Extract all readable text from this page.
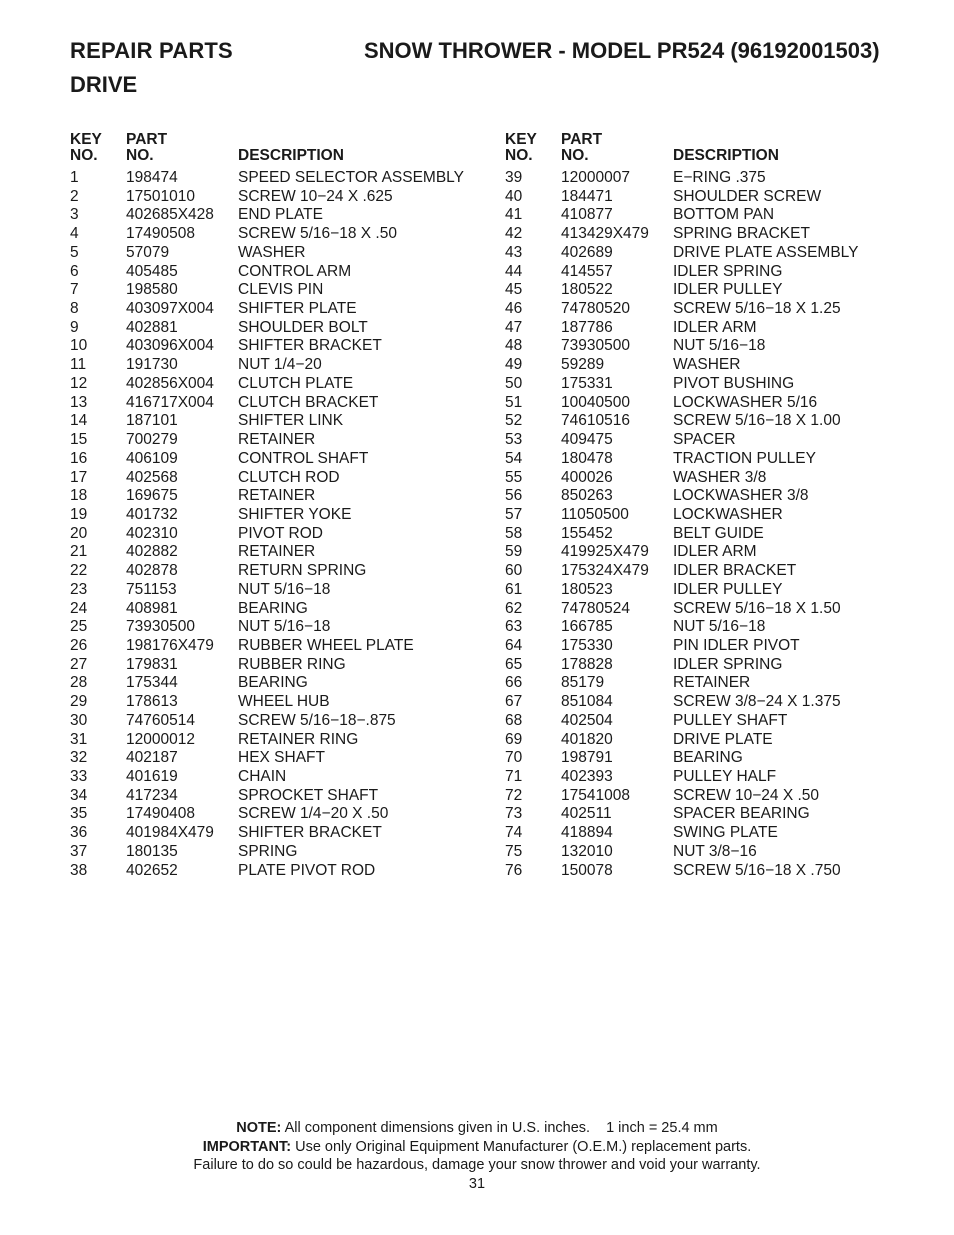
REPAIR PARTS	SNOW THROWER - MODEL PR524 (96192001503)
DRIVE
KEY
NO.
PART
NO.	DESCRIPTION
1	198474	SPEED SELECTOR ASSEMBLY
2	17501010	SCREW 10−24 X .625
3	402685X428 END PLATE
4	17490508	SCREW 5/16−18 X .50
5	57079	WASHER
6	405485	CONTROL ARM
7	198580	CLEVIS PIN
8	403097X004 SHIFTER PLATE
9	402881	SHOULDER BOLT
10	403096X004 SHIFTER BRACKET
11	191730	NUT 1/4−20
12	402856X004 CLUTCH PLATE
13	416717X004 CLUTCH BRACKET
14	187101	SHIFTER LINK
15	700279	RETAINER
16	406109	CONTROL SHAFT
17	402568	CLUTCH ROD
18	169675	RETAINER
19	401732	SHIFTER YOKE
20	402310	PIVOT ROD
21	402882	RETAINER
22	402878	RETURN SPRING
23	751153	NUT 5/16−18
24	408981	BEARING
25	73930500	NUT 5/16−18
26	198176X479 RUBBER WHEEL PLATE
27	179831	RUBBER RING
28	175344	BEARING
29	178613	WHEEL HUB
30	74760514	SCREW 5/16−18−.875
31	12000012	RETAINER RING
32	402187	HEX SHAFT
33	401619	CHAIN
34	417234	SPROCKET SHAFT
35	17490408	SCREW 1/4−20 X .50
36	401984X479 SHIFTER BRACKET
37	180135	SPRING
38	402652	PLATE PIVOT ROD
KEY
NO.
PART
NO.	DESCRIPTION
39	12000007	E−RING .375
40	184471	SHOULDER SCREW
41	410877	BOTTOM PAN
42	413429X479 SPRING BRACKET
43	402689	DRIVE PLATE ASSEMBLY
44	414557	IDLER SPRING
45	180522	IDLER PULLEY
46	74780520	SCREW 5/16−18 X 1.25
47	187786	IDLER ARM
48	73930500	NUT 5/16−18
49	59289	WASHER
50	175331	PIVOT BUSHING
51	10040500	LOCKWASHER 5/16
52	74610516	SCREW 5/16−18 X 1.00
53	409475	SPACER
54	180478	TRACTION PULLEY
55	400026	WASHER 3/8
56	850263	LOCKWASHER 3/8
57	11050500	LOCKWASHER
58	155452	BELT GUIDE
59	419925X479 IDLER ARM
60	175324X479 IDLER BRACKET
61	180523	IDLER PULLEY
62	74780524	SCREW 5/16−18 X 1.50
63	166785	NUT 5/16−18
64	175330	PIN IDLER PIVOT
65	178828	IDLER SPRING
66	85179	RETAINER
67	851084	SCREW 3/8−24 X 1.375
68	402504	PULLEY SHAFT
69	401820	DRIVE PLATE
70	198791	BEARING
71	402393	PULLEY HALF
72	17541008	SCREW 10−24 X .50
73	402511	SPACER BEARING
74	418894	SWING PLATE
75	132010	NUT 3/8−16
76	150078	SCREW 5/16−18 X .750
NOTE: All component dimensions given in U.S. inches. 1 inch = 25.4 mm
IMPORTANT: Use only Original Equipment Manufacturer (O.E.M.) replacement parts.
Failure to do so could be hazardous, damage your snow thrower and void your warranty.
31
